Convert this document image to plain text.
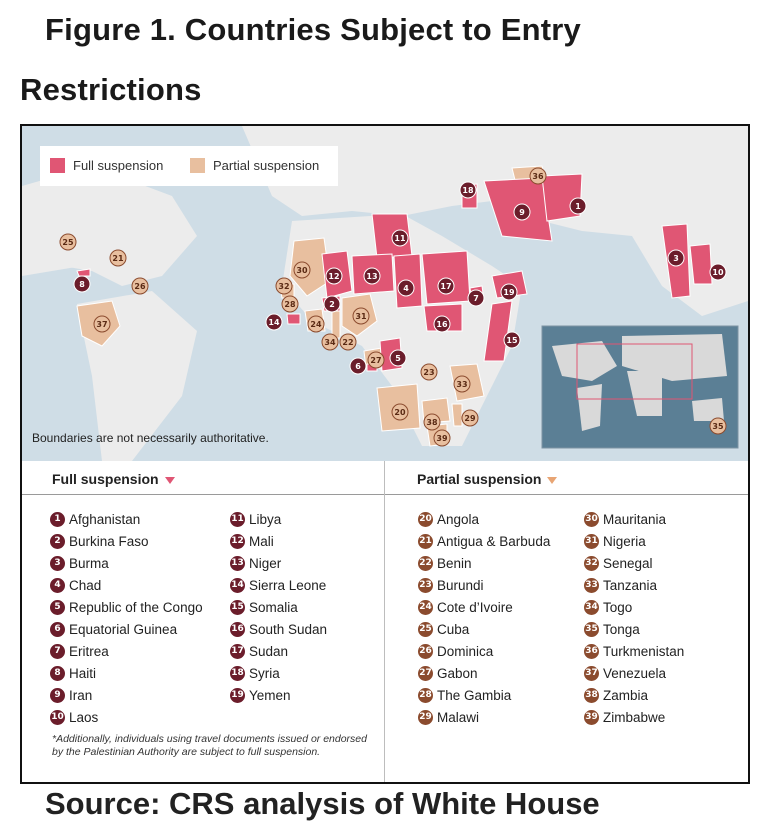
Figure 1. Countries Subject to Entry
Restrictions
1
2
3
4
5
6
7
8
9
10
11
12	13
14
15
16
17
18
19
20
21
22
23
24
25
26
27
28
29
30
31
32
33
34
35
36
37
38
39
Full suspension	Partial suspension
Boundaries are not necessarily authoritative.
Full suspension	Partial suspension
1 Afghanistan
2 Burkina Faso
3 Burma
4 Chad
5 Republic of the Congo
6 Equatorial Guinea
7 Eritrea
8 Haiti
9 Iran
10 Laos
11 Libya
12 Mali
13 Niger
14 Sierra Leone
15 Somalia
16 South Sudan
17 Sudan
18 Syria
19 Yemen
20 Angola
21 Antigua & Barbuda
22 Benin
23 Burundi
24 Cote d’Ivoire
25 Cuba
26 Dominica
27 Gabon
28 The Gambia
29 Malawi
30 Mauritania
31 Nigeria
32 Senegal
33 Tanzania
34 Togo
35 Tonga
36 Turkmenistan
37 Venezuela
38 Zambia
39 Zimbabwe
*Additionally, individuals using travel documents issued or endorsed by the Palestinian Authority are subject to full suspension.
Source: CRS analysis of White House
